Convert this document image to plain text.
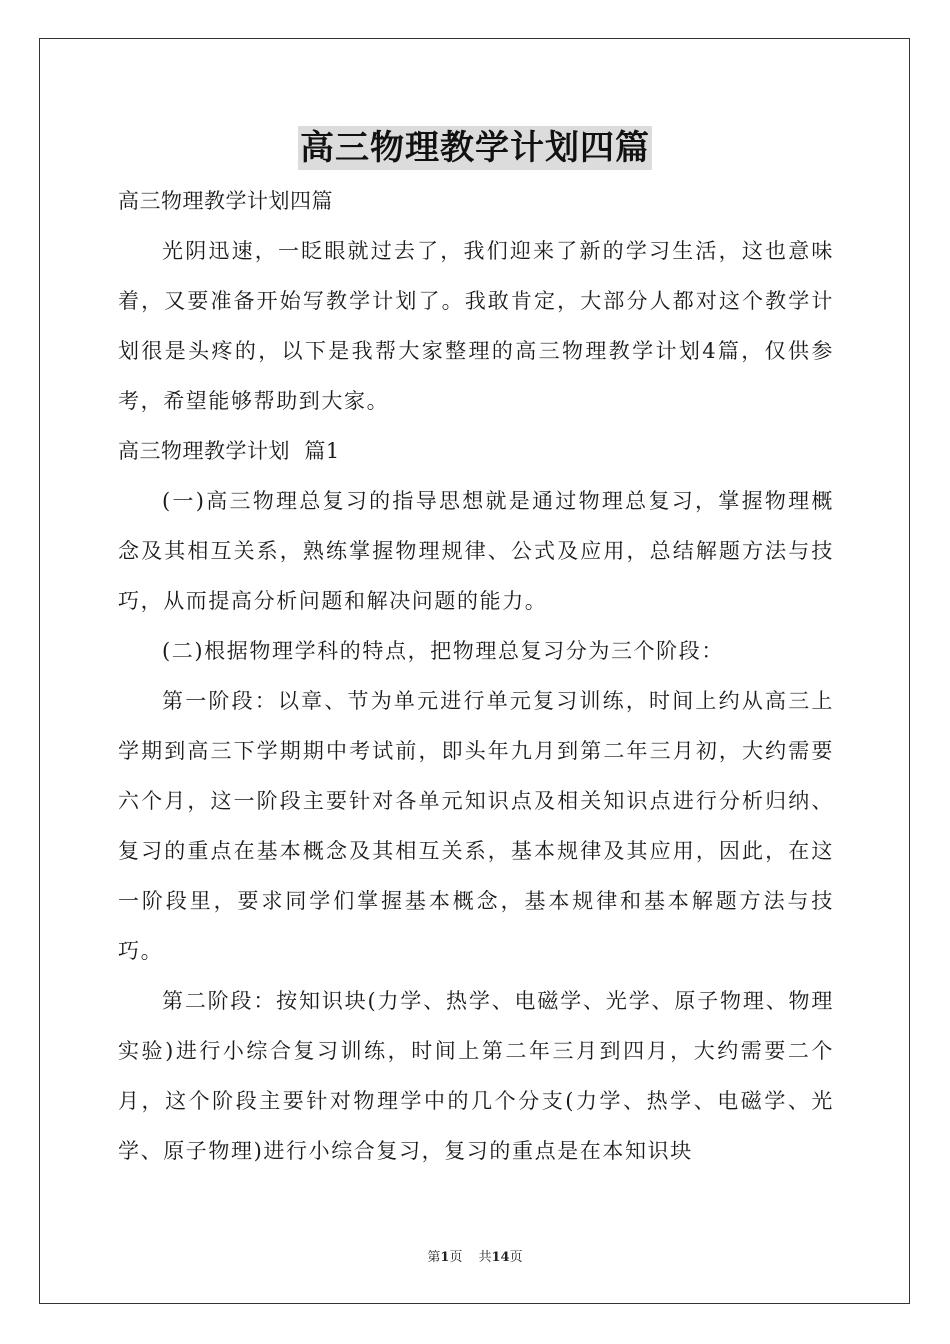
高三物理教学计划四篇

高三物理教学计划四篇

光阴迅速，一眨眼就过去了，我们迎来了新的学习生活，这也意味着，又要准备开始写教学计划了。我敢肯定，大部分人都对这个教学计划很是头疼的，以下是我帮大家整理的高三物理教学计划4篇，仅供参考，希望能够帮助到大家。

高三物理教学计划  篇1

(一)高三物理总复习的指导思想就是通过物理总复习，掌握物理概念及其相互关系，熟练掌握物理规律、公式及应用，总结解题方法与技巧，从而提高分析问题和解决问题的能力。

(二)根据物理学科的特点，把物理总复习分为三个阶段：

第一阶段：以章、节为单元进行单元复习训练，时间上约从高三上学期到高三下学期期中考试前，即头年九月到第二年三月初，大约需要六个月，这一阶段主要针对各单元知识点及相关知识点进行分析归纳、复习的重点在基本概念及其相互关系，基本规律及其应用，因此，在这一阶段里，要求同学们掌握基本概念，基本规律和基本解题方法与技巧。

第二阶段：按知识块(力学、热学、电磁学、光学、原子物理、物理实验)进行小综合复习训练，时间上第二年三月到四月，大约需要二个月，这个阶段主要针对物理学中的几个分支(力学、热学、电磁学、光学、原子物理)进行小综合复习，复习的重点是在本知识块

第1页 共14页
